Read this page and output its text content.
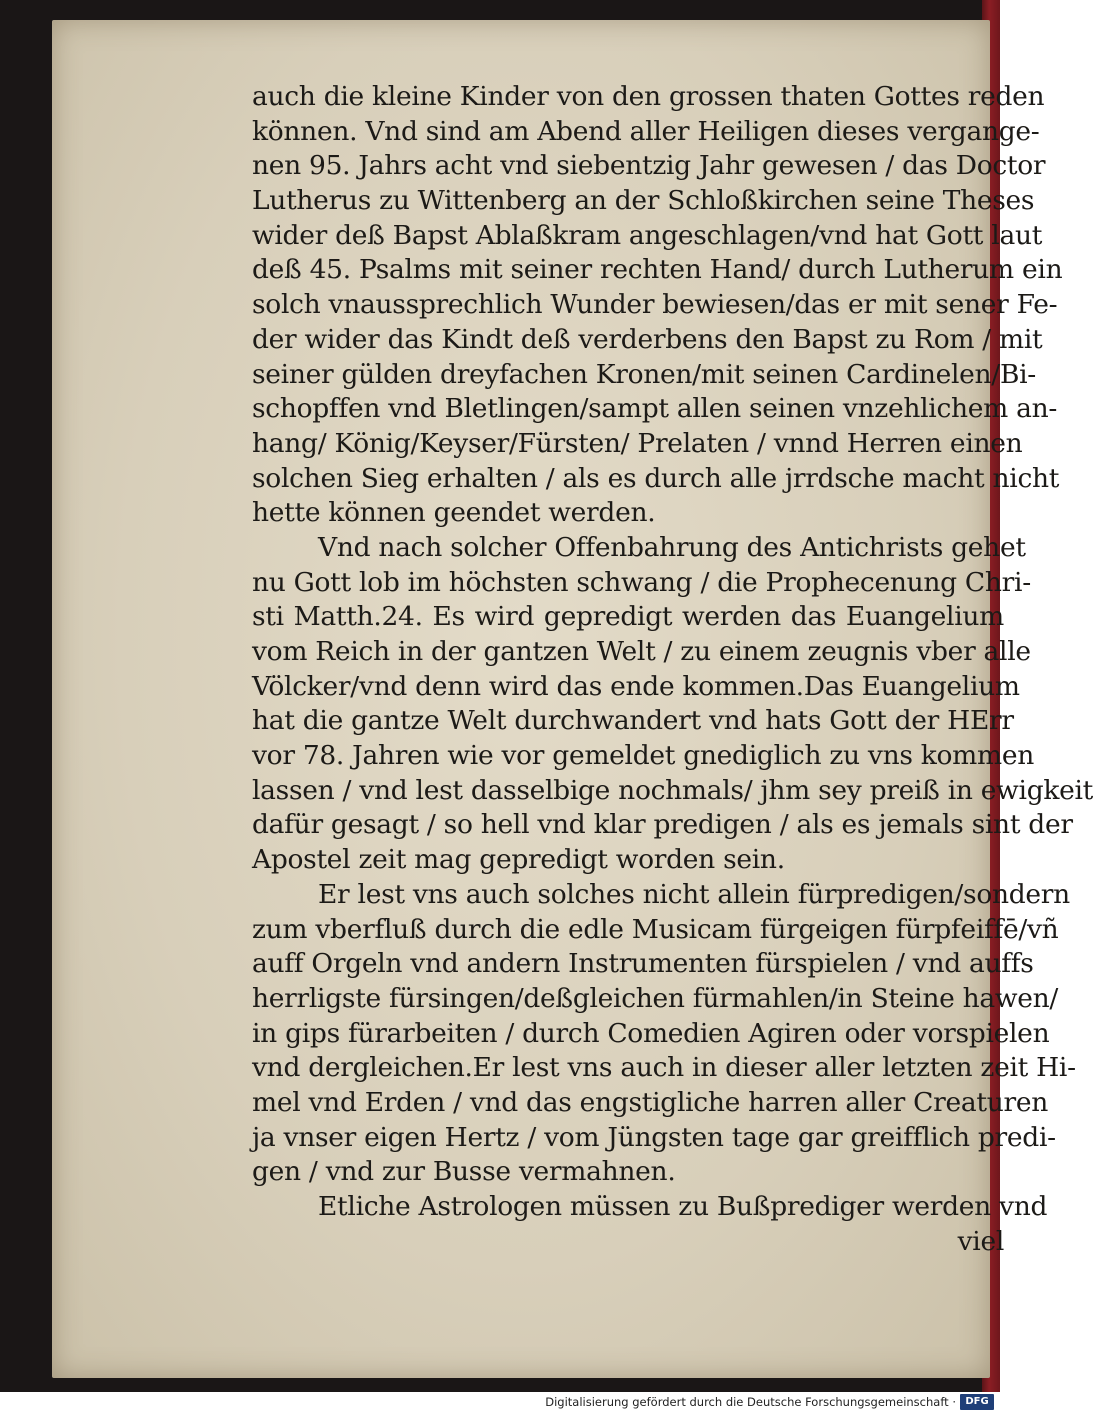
auch die kleine Kinder von den grossen thaten Gottes reden
können. Vnd sind am Abend aller Heiligen dieses vergange-
nen 95. Jahrs acht vnd siebentzig Jahr gewesen / das Doctor
Lutherus zu Wittenberg an der Schloßkirchen seine Theses
wider deß Bapst Ablaßkram angeschlagen/vnd hat Gott laut
deß 45. Psalms mit seiner rechten Hand/ durch Lutherum ein
solch vnaussprechlich Wunder bewiesen/das er mit sener Fe-
der wider das Kindt deß verderbens den Bapst zu Rom / mit
seiner gülden dreyfachen Kronen/mit seinen Cardinelen/Bi-
schopffen vnd Bletlingen/sampt allen seinen vnzehlichem an-
hang/ König/Keyser/Fürsten/ Prelaten / vnnd Herren einen
solchen Sieg erhalten / als es durch alle jrrdsche macht nicht
hette können geendet werden.
Vnd nach solcher Offenbahrung des Antichrists gehet
nu Gott lob im höchsten schwang / die Prophecenung Chri-
sti Matth.24. Es wird gepredigt werden das Euangelium
vom Reich in der gantzen Welt / zu einem zeugnis vber alle
Völcker/vnd denn wird das ende kommen.Das Euangelium
hat die gantze Welt durchwandert vnd hats Gott der HErr
vor 78. Jahren wie vor gemeldet gnediglich zu vns kommen
lassen / vnd lest dasselbige nochmals/ jhm sey preiß in ewigkeit
dafür gesagt / so hell vnd klar predigen / als es jemals sint der
Apostel zeit mag gepredigt worden sein.
Er lest vns auch solches nicht allein fürpredigen/sondern
zum vberfluß durch die edle Musicam fürgeigen fürpfeiffē/vñ
auff Orgeln vnd andern Instrumenten fürspielen / vnd auffs
herrligste fürsingen/deßgleichen fürmahlen/in Steine hawen/
in gips fürarbeiten / durch Comedien Agiren oder vorspielen
vnd dergleichen.Er lest vns auch in dieser aller letzten zeit Hi-
mel vnd Erden / vnd das engstigliche harren aller Creaturen
ja vnser eigen Hertz / vom Jüngsten tage gar greifflich predi-
gen / vnd zur Busse vermahnen.
Etliche Astrologen müssen zu Bußprediger werden vnd
viel
Digitalisierung gefördert durch die Deutsche Forschungsgemeinschaft · DFG
